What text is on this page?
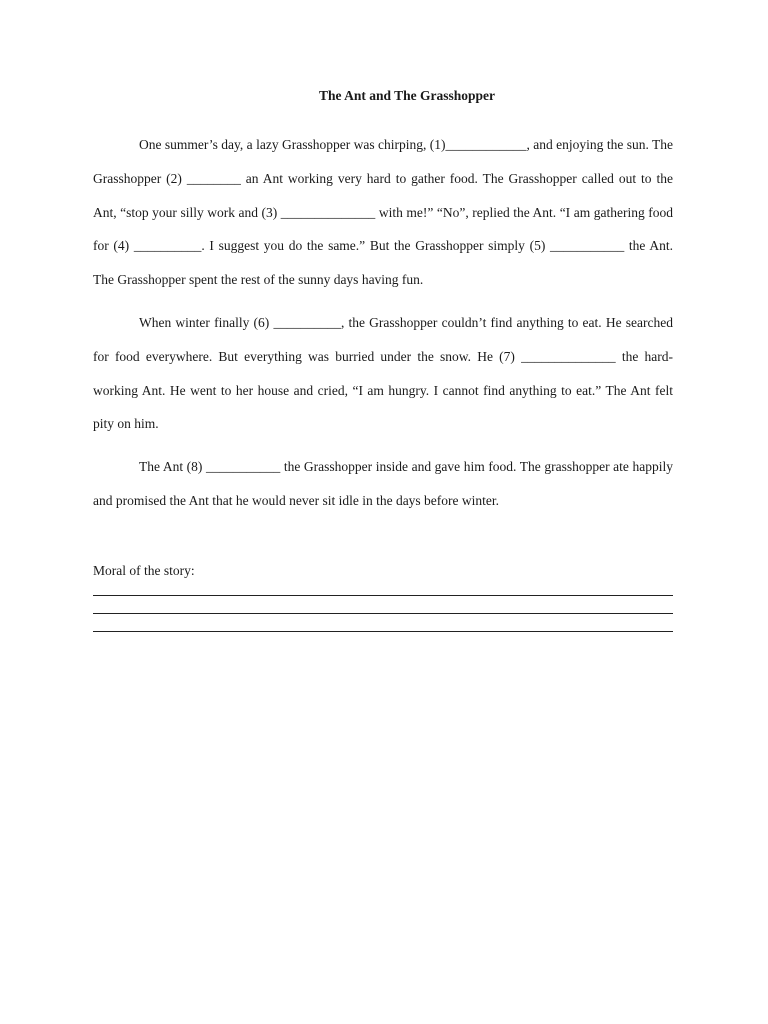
The Ant and The Grasshopper

One summer’s day, a lazy Grasshopper was chirping, (1)____________, and enjoying the sun. The Grasshopper (2) ________ an Ant working very hard to gather food. The Grasshopper called out to the Ant, “stop your silly work and (3) ______________ with me!” “No”, replied the Ant. “I am gathering food for (4) __________. I suggest you do the same.” But the Grasshopper simply (5) ___________ the Ant. The Grasshopper spent the rest of the sunny days having fun.

When winter finally (6) __________, the Grasshopper couldn’t find anything to eat. He searched for food everywhere. But everything was burried under the snow. He (7) ______________ the hard-working Ant. He went to her house and cried, “I am hungry. I cannot find anything to eat.” The Ant felt pity on him.

The Ant (8) ___________ the Grasshopper inside and gave him food. The grasshopper ate happily and promised the Ant that he would never sit idle in the days before winter.

Moral of the story:
